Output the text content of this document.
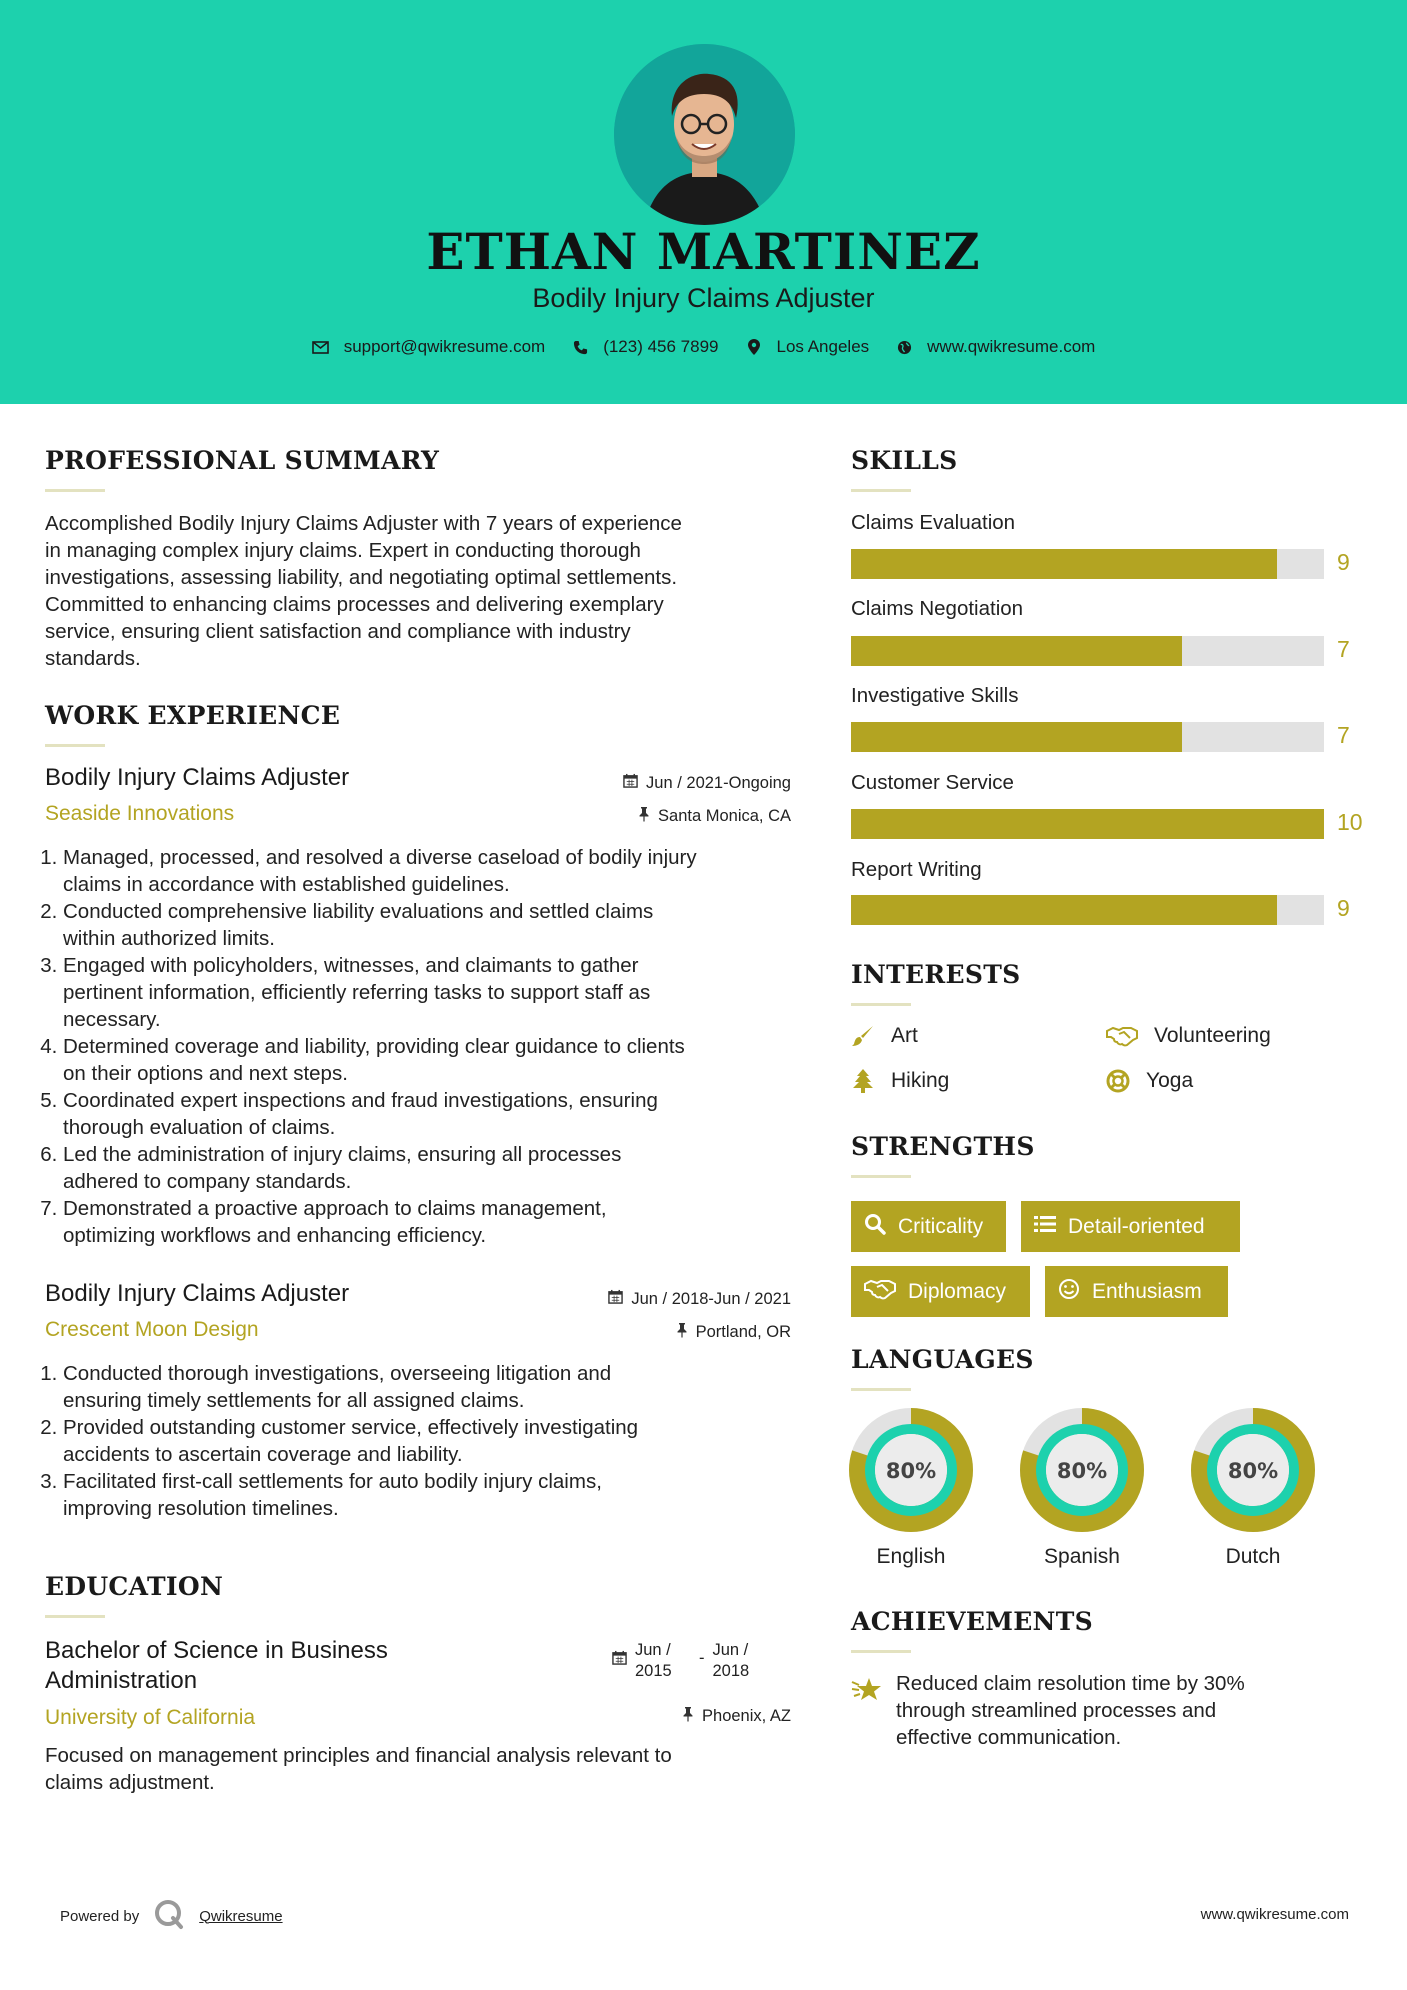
ETHAN MARTINEZ
Bodily Injury Claims Adjuster
support@qwikresume.com	(123) 456 7899	Los Angeles	www.qwikresume.com
PROFESSIONAL SUMMARY
Accomplished Bodily Injury Claims Adjuster with 7 years of experience
in managing complex injury claims. Expert in conducting thorough
investigations, assessing liability, and negotiating optimal settlements.
Committed to enhancing claims processes and delivering exemplary
service, ensuring client satisfaction and compliance with industry
standards.
WORK EXPERIENCE
Bodily Injury Claims Adjuster	Jun / 2021-Ongoing
Seaside Innovations	Santa Monica, CA
1. Managed, processed, and resolved a diverse caseload of bodily injury
claims in accordance with established guidelines.
2. Conducted comprehensive liability evaluations and settled claims
within authorized limits.
3. Engaged with policyholders, witnesses, and claimants to gather
pertinent information, efficiently referring tasks to support staff as
necessary.
4. Determined coverage and liability, providing clear guidance to clients
on their options and next steps.
5. Coordinated expert inspections and fraud investigations, ensuring
thorough evaluation of claims.
6. Led the administration of injury claims, ensuring all processes
adhered to company standards.
7. Demonstrated a proactive approach to claims management,
optimizing workflows and enhancing efficiency.
Bodily Injury Claims Adjuster	Jun / 2018-Jun / 2021
Crescent Moon Design	Portland, OR
1. Conducted thorough investigations, overseeing litigation and
ensuring timely settlements for all assigned claims.
2. Provided outstanding customer service, effectively investigating
accidents to ascertain coverage and liability.
3. Facilitated first-call settlements for auto bodily injury claims,
improving resolution timelines.
EDUCATION
Bachelor of Science in Business
Administration
Jun /
2015
- Jun /
2018
University of California	Phoenix, AZ
Focused on management principles and financial analysis relevant to
claims adjustment.
SKILLS
Claims Evaluation
9
Claims Negotiation
7
Investigative Skills
7
Customer Service
10
Report Writing
9
INTERESTS
Art	Volunteering
Hiking	Yoga
STRENGTHS
Criticality	Detail-oriented
Diplomacy	Enthusiasm
LANGUAGES
80%
English
80%
Spanish
80%
Dutch
ACHIEVEMENTS
Reduced claim resolution time by 30%
through streamlined processes and
effective communication.
Powered by	Qwikresume	www.qwikresume.com
